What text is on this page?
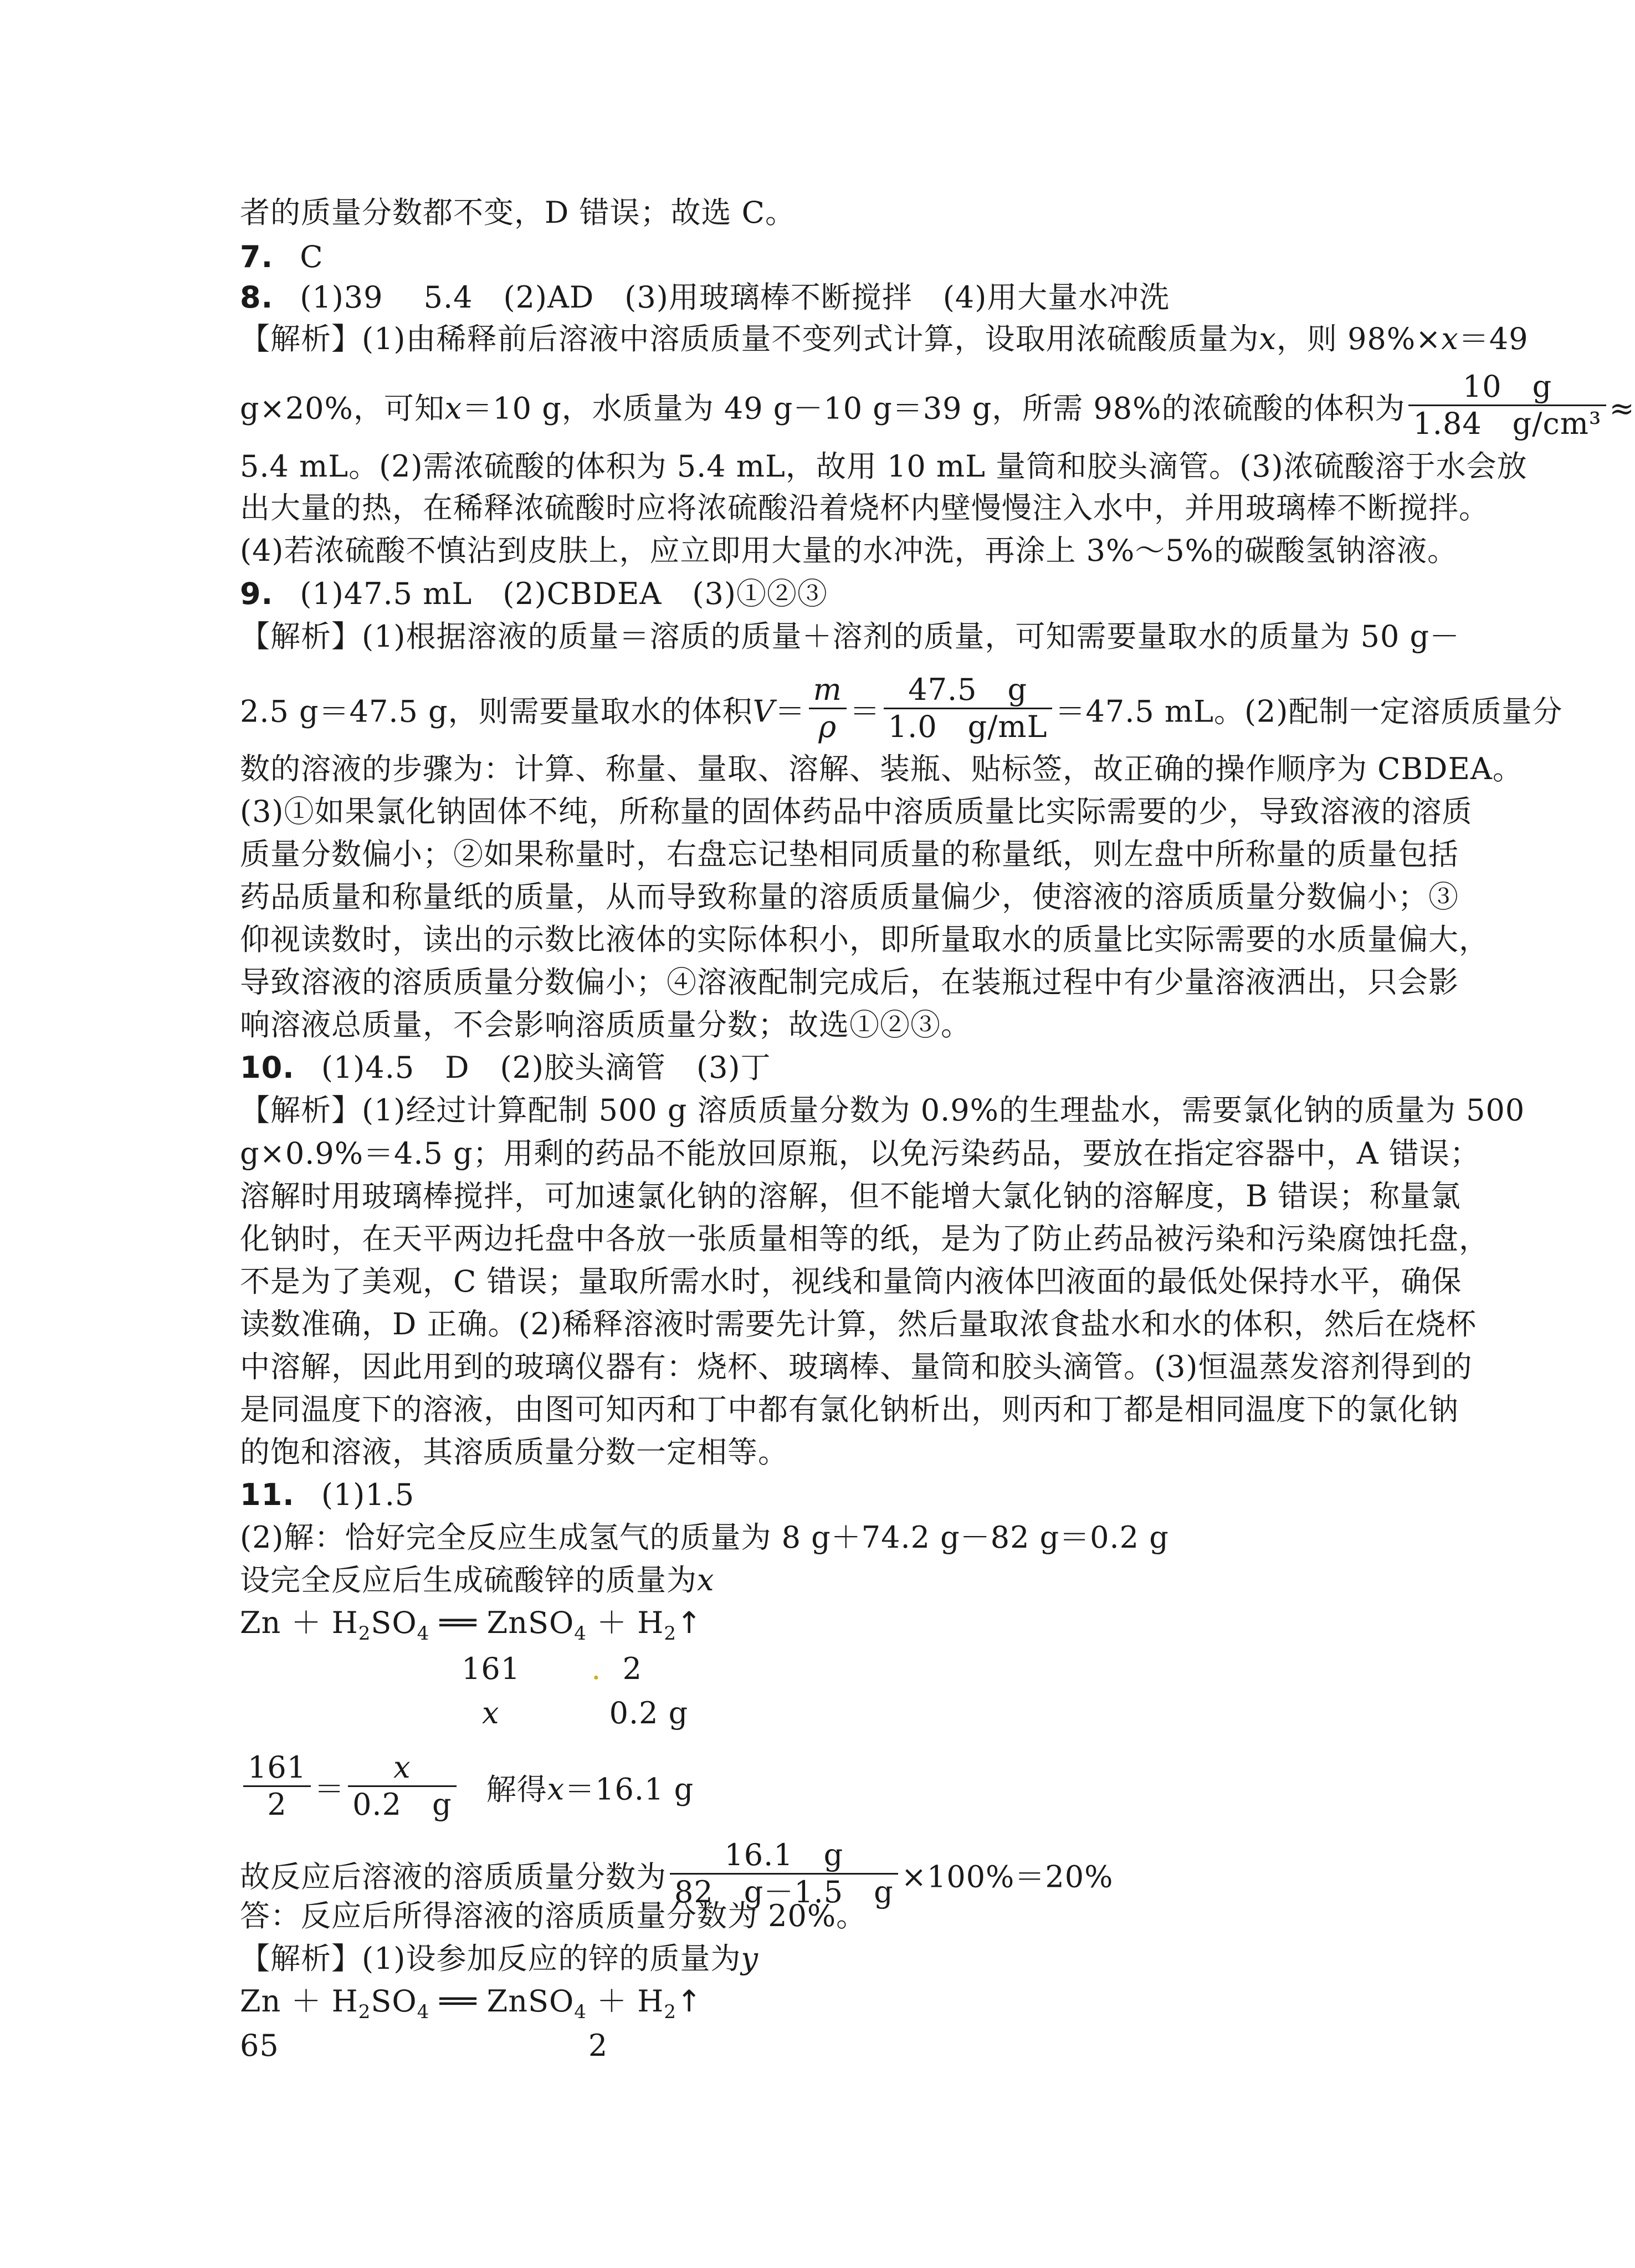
者的质量分数都不变，D 错误；故选 C。
7. C
8. (1)39　 5.4　(2)AD　(3)用玻璃棒不断搅拌　(4)用大量水冲洗
【解析】(1)由稀释前后溶液中溶质质量不变列式计算，设取用浓硫酸质量为x，则 98%×x＝49
g×20%，可知x＝10 g，水质量为 49 g－10 g＝39 g，所需 98%的浓硫酸的体积为 $\frac{10 g}{\text{1.84　g/cm³}}$ ≈
5.4 mL。(2)需浓硫酸的体积为 5.4 mL，故用 10 mL 量筒和胶头滴管。(3)浓硫酸溶于水会放
出大量的热，在稀释浓硫酸时应将浓硫酸沿着烧杯内壁慢慢注入水中，并用玻璃棒不断搅拌。
(4)若浓硫酸不慎沾到皮肤上，应立即用大量的水冲洗，再涂上 3%～5%的碳酸氢钠溶液。
9. (1)47.5 mL　(2)CBDEA　(3)①②③
【解析】(1)根据溶液的质量＝溶质的质量＋溶剂的质量，可知需要量取水的质量为 50 g－
2.5 g＝47.5 g，则需要量取水的体积$V= \frac{m}{\rho} = \frac{47.5 g}{1.0 g/mL} =47.5$ mL。(2)配制一定溶质质量分
数的溶液的步骤为：计算、称量、量取、溶解、装瓶、贴标签，故正确的操作顺序为 CBDEA。
(3)①如果氯化钠固体不纯，所称量的固体药品中溶质质量比实际需要的少，导致溶液的溶质
质量分数偏小；②如果称量时，右盘忘记垫相同质量的称量纸，则左盘中所称量的质量包括
药品质量和称量纸的质量，从而导致称量的溶质质量偏少，使溶液的溶质质量分数偏小；③
仰视读数时，读出的示数比液体的实际体积小，即所量取水的质量比实际需要的水质量偏大，
导致溶液的溶质质量分数偏小；④溶液配制完成后，在装瓶过程中有少量溶液洒出，只会影
响溶液总质量，不会影响溶质质量分数；故选①②③。
10. (1)4.5　D　(2)胶头滴管　(3)丁
【解析】(1)经过计算配制 500 g 溶质质量分数为 0.9%的生理盐水，需要氯化钠的质量为 500
g×0.9%＝4.5 g；用剩的药品不能放回原瓶，以免污染药品，要放在指定容器中，A 错误；
溶解时用玻璃棒搅拌，可加速氯化钠的溶解，但不能增大氯化钠的溶解度，B 错误；称量氯
化钠时，在天平两边托盘中各放一张质量相等的纸，是为了防止药品被污染和污染腐蚀托盘，
不是为了美观，C 错误；量取所需水时，视线和量筒内液体凹液面的最低处保持水平，确保
读数准确，D 正确。(2)稀释溶液时需要先计算，然后量取浓食盐水和水的体积，然后在烧杯
中溶解，因此用到的玻璃仪器有：烧杯、玻璃棒、量筒和胶头滴管。(3)恒温蒸发溶剂得到的
是同温度下的溶液，由图可知丙和丁中都有氯化钠析出，则丙和丁都是相同温度下的氯化钠
的饱和溶液，其溶质质量分数一定相等。
11. (1)1.5
(2)解：恰好完全反应生成氢气的质量为 8 g＋74.2 g－82 g＝0.2 g
设完全反应后生成硫酸锌的质量为x
$Zn + H_2SO_4$ ══ ZnSO$_4$ ＋ $H_2↑$
161 . 2
x	0.2 g
$\frac{161}{2} = \frac{x}{0.2 g}$ 解得x＝16.1 g
故反应后溶液的溶质质量分数为 $\frac{16.1 g}{82 g-1.5 g} \times 100\%=20\%$
答：反应后所得溶液的溶质质量分数为 20%。
【解析】(1)设参加反应的锌的质量为y
$Zn + H_2SO_4$ ══ ZnSO$_4$ ＋ $H_2↑$
65	2
